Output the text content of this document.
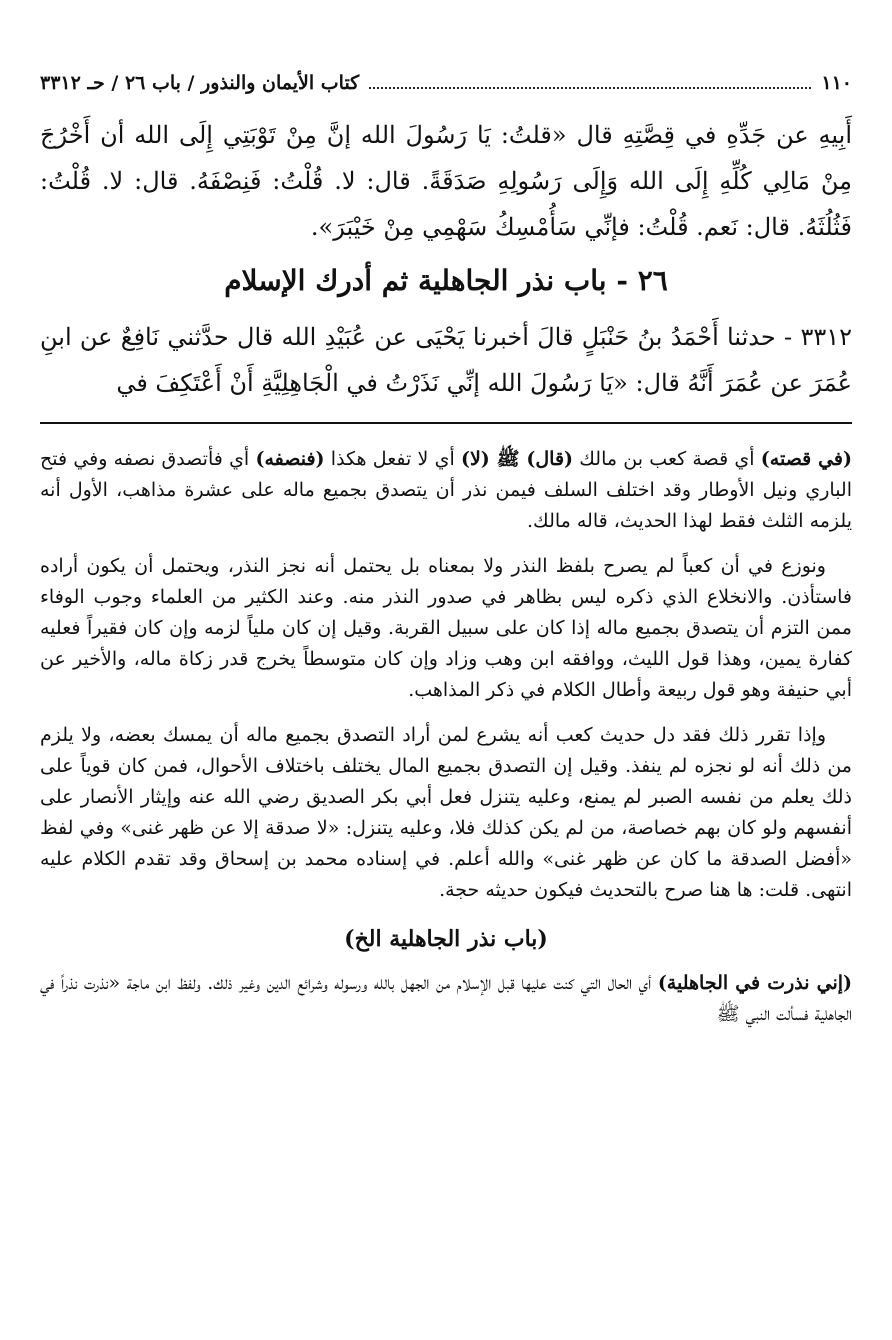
١١٠
كتاب الأيمان والنذور / باب ٢٦ / حـ ٣٣١٢

أَبِيهِ عن جَدِّهِ في قِصَّتِهِ قال «قلتُ: يَا رَسُولَ الله إنَّ مِنْ تَوْبَتِي إِلَى الله أن أَخْرُجَ مِنْ مَالِي كُلِّهِ إِلَى الله وَإِلَى رَسُولِهِ صَدَقَةً. قال: لا. قُلْتُ: فَنِصْفَهُ. قال: لا. قُلْتُ: فَثُلُثَهُ. قال: نَعم. قُلْتُ: فإنِّي سَأُمْسِكُ سَهْمِي مِنْ خَيْبَرَ».

٢٦ - باب نذر الجاهلية ثم أدرك الإسلام

٣٣١٢ - حدثنا أَحْمَدُ بنُ حَنْبَلٍ قالَ أخبرنا يَحْيَى عن عُبَيْدِ الله قال حدَّثني نَافِعٌ عن ابنِ عُمَرَ عن عُمَرَ أَنَّهُ قال: «يَا رَسُولَ الله إنِّي نَذَرْتُ في الْجَاهِلِيَّةِ أَنْ أَعْتَكِفَ في

(في قصته) أي قصة كعب بن مالك (قال) ﷺ (لا) أي لا تفعل هكذا (فنصفه) أي فأتصدق نصفه وفي فتح الباري ونيل الأوطار وقد اختلف السلف فيمن نذر أن يتصدق بجميع ماله على عشرة مذاهب، الأول أنه يلزمه الثلث فقط لهذا الحديث، قاله مالك.

ونوزع في أن كعباً لم يصرح بلفظ النذر ولا بمعناه بل يحتمل أنه نجز النذر، ويحتمل أن يكون أراده فاستأذن. والانخلاع الذي ذكره ليس بظاهر في صدور النذر منه. وعند الكثير من العلماء وجوب الوفاء ممن التزم أن يتصدق بجميع ماله إذا كان على سبيل القربة. وقيل إن كان ملياً لزمه وإن كان فقيراً فعليه كفارة يمين، وهذا قول الليث، ووافقه ابن وهب وزاد وإن كان متوسطاً يخرج قدر زكاة ماله، والأخير عن أبي حنيفة وهو قول ربيعة وأطال الكلام في ذكر المذاهب.

وإذا تقرر ذلك فقد دل حديث كعب أنه يشرع لمن أراد التصدق بجميع ماله أن يمسك بعضه، ولا يلزم من ذلك أنه لو نجزه لم ينفذ. وقيل إن التصدق بجميع المال يختلف باختلاف الأحوال، فمن كان قوياً على ذلك يعلم من نفسه الصبر لم يمنع، وعليه يتنزل فعل أبي بكر الصديق رضي الله عنه وإيثار الأنصار على أنفسهم ولو كان بهم خصاصة، من لم يكن كذلك فلا، وعليه يتنزل: «لا صدقة إلا عن ظهر غنى» وفي لفظ «أفضل الصدقة ما كان عن ظهر غنى» والله أعلم. في إسناده محمد بن إسحاق وقد تقدم الكلام عليه انتهى. قلت: ها هنا صرح بالتحديث فيكون حديثه حجة.

(باب نذر الجاهلية الخ)

(إني نذرت في الجاهلية) أي الحال التي كنت عليها قبل الإسلام من الجهل بالله ورسوله وشرائع الدين وغير ذلك. ولفظ ابن ماجة «نذرت نذراً في الجاهلية فسألت النبي ﷺ
